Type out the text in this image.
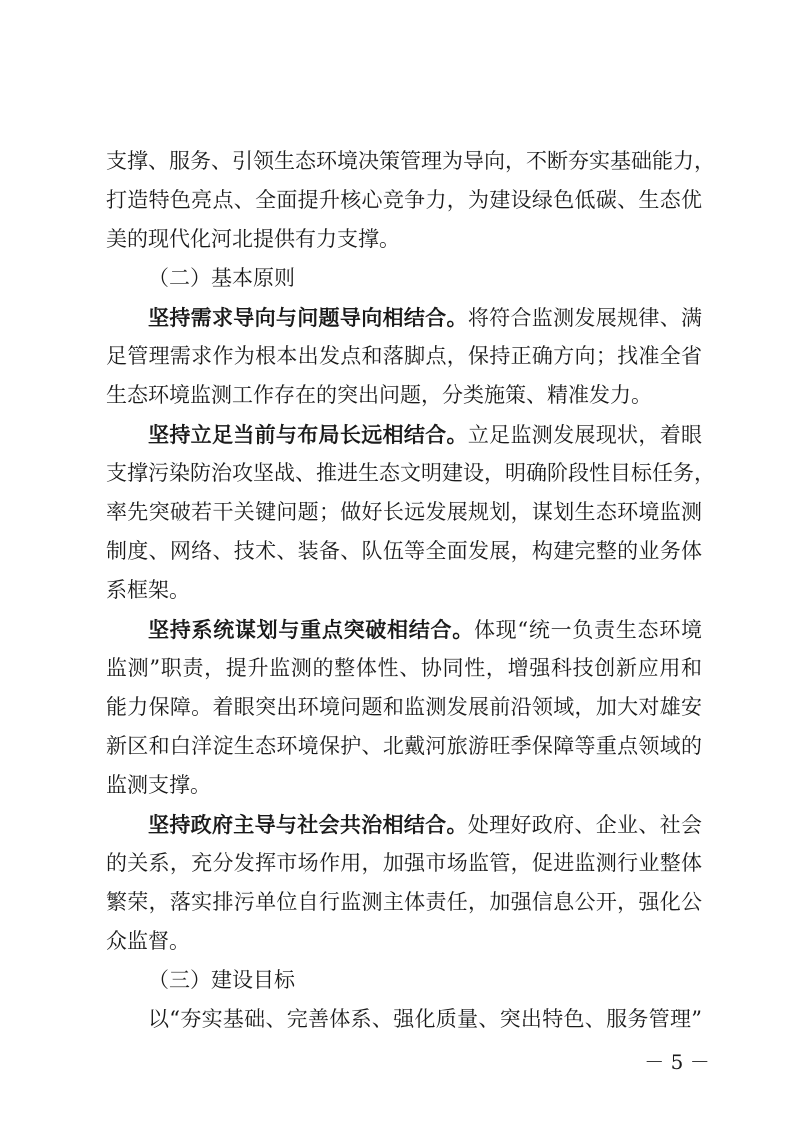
支撑、服务、引领生态环境决策管理为导向，不断夯实基础能力，
打造特色亮点、全面提升核心竞争力，为建设绿色低碳、生态优
美的现代化河北提供有力支撑。
（二）基本原则
坚持需求导向与问题导向相结合。将符合监测发展规律、满
足管理需求作为根本出发点和落脚点，保持正确方向；找准全省
生态环境监测工作存在的突出问题，分类施策、精准发力。
坚持立足当前与布局长远相结合。立足监测发展现状，着眼
支撑污染防治攻坚战、推进生态文明建设，明确阶段性目标任务，
率先突破若干关键问题；做好长远发展规划，谋划生态环境监测
制度、网络、技术、装备、队伍等全面发展，构建完整的业务体
系框架。
坚持系统谋划与重点突破相结合。体现“统一负责生态环境
监测”职责，提升监测的整体性、协同性，增强科技创新应用和
能力保障。着眼突出环境问题和监测发展前沿领域，加大对雄安
新区和白洋淀生态环境保护、北戴河旅游旺季保障等重点领域的
监测支撑。
坚持政府主导与社会共治相结合。处理好政府、企业、社会
的关系，充分发挥市场作用，加强市场监管，促进监测行业整体
繁荣，落实排污单位自行监测主体责任，加强信息公开，强化公
众监督。
（三）建设目标
以“夯实基础、完善体系、强化质量、突出特色、服务管理”
－ 5 －
